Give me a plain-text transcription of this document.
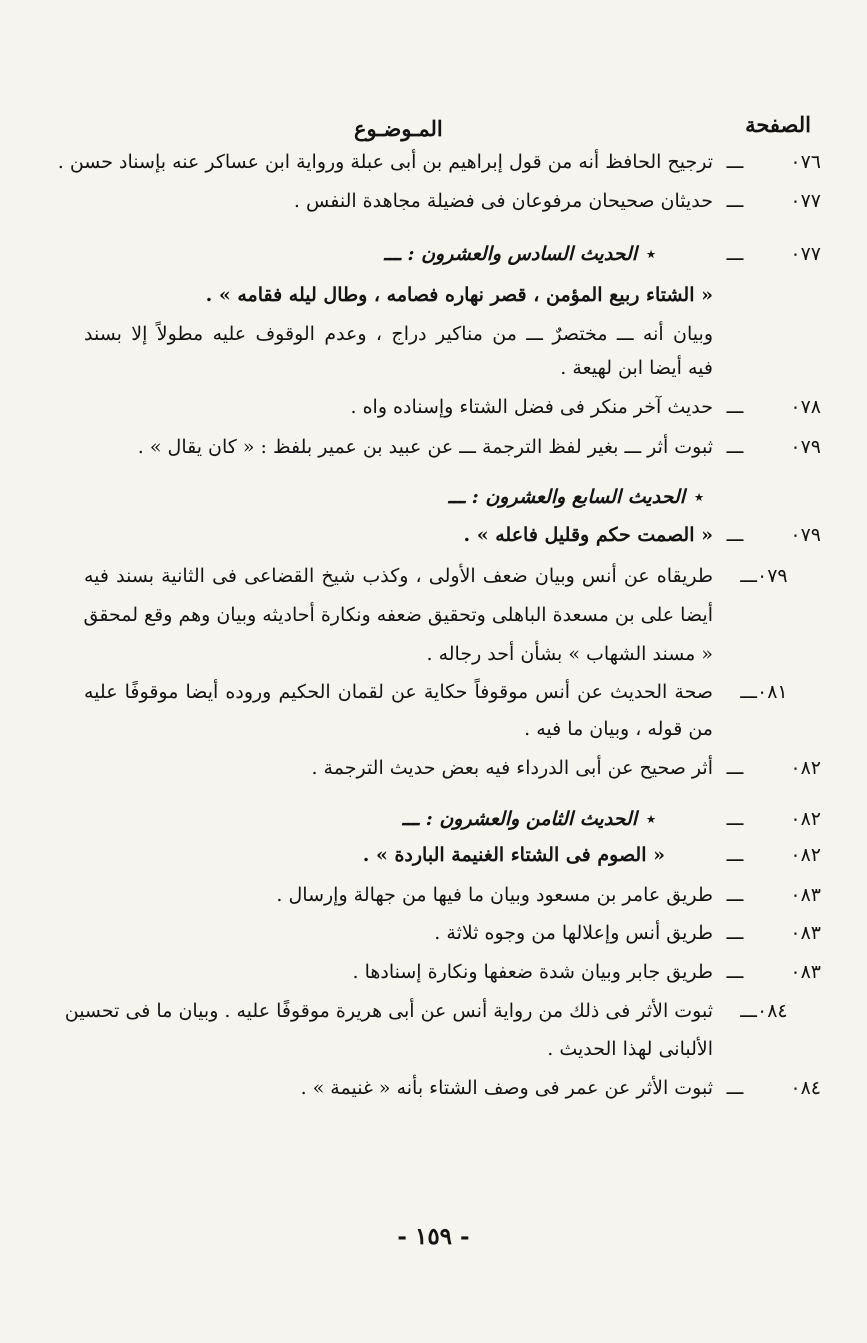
الصفحة
المـوضـوع
٠٧٦ـــترجيح الحافظ أنه من قول إبراهيم بن أبى عبلة ورواية ابن عساكر عنه بإسناد حسن .
٠٧٧ـــحديثان صحيحان مرفوعان فى فضيلة مجاهدة النفس .
٠٧٧ـــ٭الحديث السادس والعشرون : ـــ
« الشتاء ربيع المؤمن ، قصر نهاره فصامه ، وطال ليله فقامه » .
وبيان أنه ـــ مختصرٌ ـــ من مناكير دراج ، وعدم الوقوف عليه مطولاً إلا بسند
فيه أيضا ابن لهيعة .
٠٧٨ـــحديث آخر منكر فى فضل الشتاء وإسناده واه .
٠٧٩ـــثبوت أثر ـــ بغير لفظ الترجمة ـــ عن عبيد بن عمير بلفظ : « كان يقال » .
٭الحديث السابع والعشرون : ـــ
٠٧٩ـــ« الصمت حكم وقليل فاعله » .
٠٧٩ـــطريقاه عن أنس وبيان ضعف الأولى ، وكذب شيخ القضاعى فى الثانية بسند فيه
أيضا على بن مسعدة الباهلى وتحقيق ضعفه ونكارة أحاديثه وبيان وهم وقع لمحقق
« مسند الشهاب » بشأن أحد رجاله .
٠٨١ـــصحة الحديث عن أنس موقوفاً حكاية عن لقمان الحكيم وروده أيضا موقوفًا عليه
من قوله ، وبيان ما فيه .
٠٨٢ـــأثر صحيح عن أبى الدرداء فيه بعض حديث الترجمة .
٠٨٢ـــ٭الحديث الثامن والعشرون : ـــ
٠٨٢ـــ« الصوم فى الشتاء الغنيمة الباردة » .
٠٨٣ـــطريق عامر بن مسعود وبيان ما فيها من جهالة وإرسال .
٠٨٣ـــطريق أنس وإعلالها من وجوه ثلاثة .
٠٨٣ـــطريق جابر وبيان شدة ضعفها ونكارة إسنادها .
٠٨٤ـــثبوت الأثر فى ذلك من رواية أنس عن أبى هريرة موقوفًا عليه . وبيان ما فى تحسين
الألبانى لهذا الحديث .
٠٨٤ـــثبوت الأثر عن عمر فى وصف الشتاء بأنه « غنيمة » .
- ١٥٩ -
